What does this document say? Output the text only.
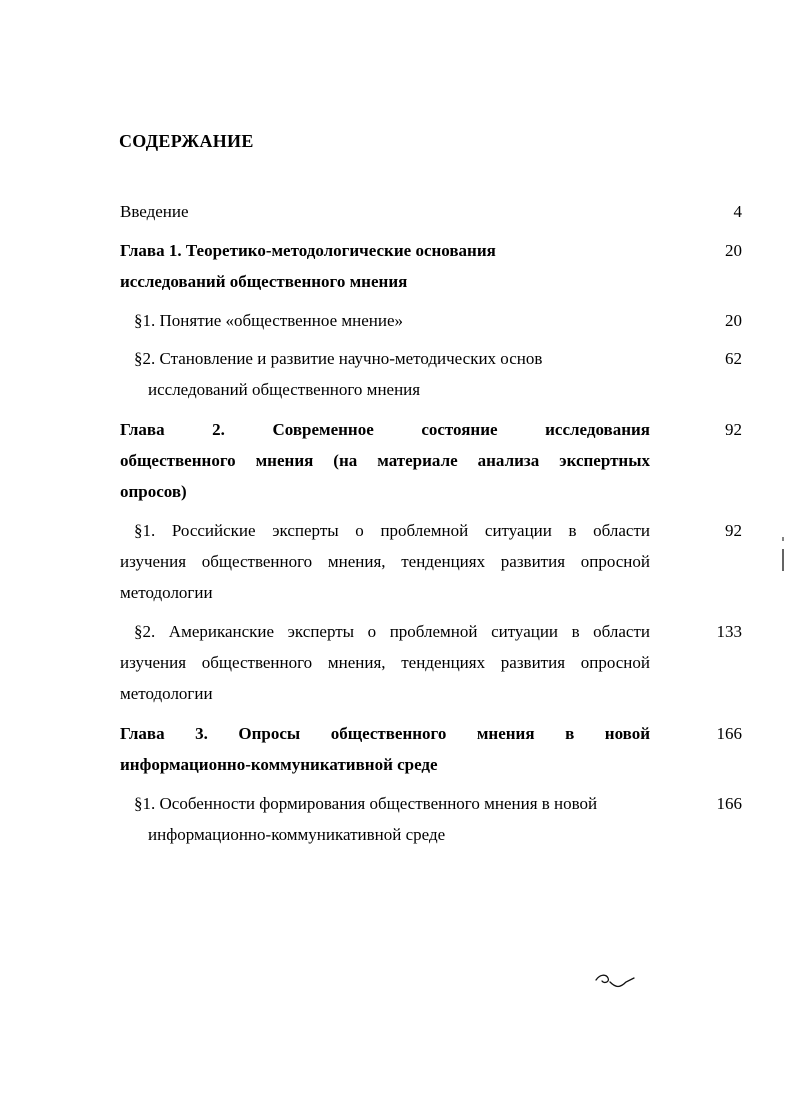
СОДЕРЖАНИЕ
Введение	4
Глава 1. Теоретико-методологические основания
исследований общественного мнения
20
§1. Понятие «общественное мнение»	20
§2. Становление и развитие научно-методических основ
исследований общественного мнения
62
Глава 2. Современное состояние исследования
общественного мнения (на материале анализа экспертных
опросов)
92
§1. Российские эксперты о проблемной ситуации в области
изучения общественного мнения, тенденциях развития опросной
методологии
92
§2. Американские эксперты о проблемной ситуации в области
изучения общественного мнения, тенденциях развития опросной
методологии
133
Глава 3. Опросы общественного мнения в новой
информационно-коммуникативной среде
166
§1. Особенности формирования общественного мнения в новой
информационно-коммуникативной среде
166
